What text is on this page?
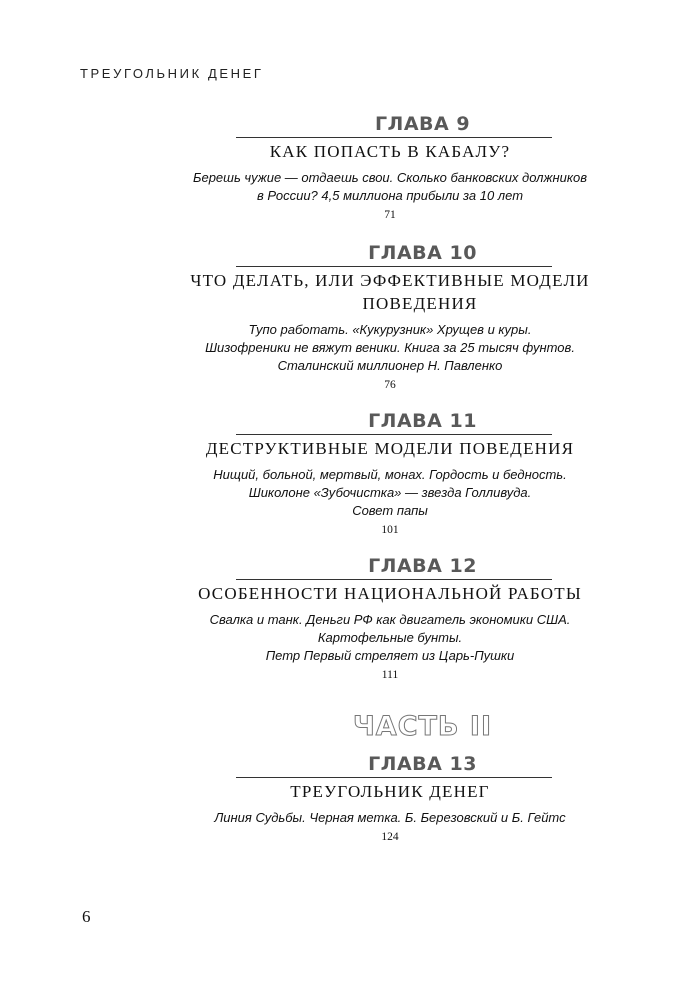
ТРЕУГОЛЬНИК ДЕНЕГ
ГЛАВА 9
КАК ПОПАСТЬ В КАБАЛУ?
Берешь чужие — отдаешь свои. Сколько банковских должников
в России? 4,5 миллиона прибыли за 10 лет
71
ГЛАВА 10
ЧТО ДЕЛАТЬ, ИЛИ ЭФФЕКТИВНЫЕ МОДЕЛИ
ПОВЕДЕНИЯ
Тупо работать. «Кукурузник» Хрущев и куры.
Шизофреники не вяжут веники. Книга за 25 тысяч фунтов.
Сталинский миллионер Н. Павленко
76
ГЛАВА 11
ДЕСТРУКТИВНЫЕ МОДЕЛИ ПОВЕДЕНИЯ
Нищий, больной, мертвый, монах. Гордость и бедность.
Шиколоне «Зубочистка» — звезда Голливуда.
Совет папы
101
ГЛАВА 12
ОСОБЕННОСТИ НАЦИОНАЛЬНОЙ РАБОТЫ
Свалка и танк. Деньги РФ как двигатель экономики США.
Картофельные бунты.
Петр Первый стреляет из Царь-Пушки
111
ЧАСТЬ II
ГЛАВА 13
ТРЕУГОЛЬНИК ДЕНЕГ
Линия Судьбы. Черная метка. Б. Березовский и Б. Гейтс
124
6
